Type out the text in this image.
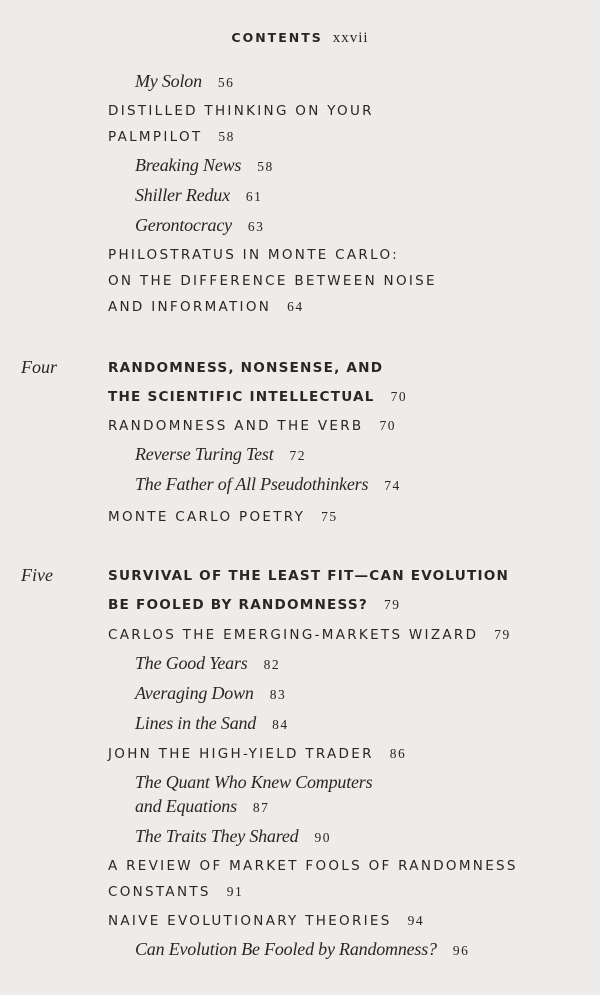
CONTENTS xxvii
My Solon 56
DISTILLED THINKING ON YOUR
PALMPILOT 58
Breaking News 58
Shiller Redux 61
Gerontocracy 63
PHILOSTRATUS IN MONTE CARLO:
ON THE DIFFERENCE BETWEEN NOISE
AND INFORMATION 64
Four	RANDOMNESS, NONSENSE, AND
THE SCIENTIFIC INTELLECTUAL 70
RANDOMNESS AND THE VERB 70
Reverse Turing Test 72
The Father of All Pseudothinkers 74
MONTE CARLO POETRY 75
Five	SURVIVAL OF THE LEAST FIT—CAN EVOLUTION
BE FOOLED BY RANDOMNESS? 79
CARLOS THE EMERGING-MARKETS WIZARD 79
The Good Years 82
Averaging Down 83
Lines in the Sand 84
JOHN THE HIGH-YIELD TRADER 86
The Quant Who Knew Computers
and Equations 87
The Traits They Shared 90
A REVIEW OF MARKET FOOLS OF RANDOMNESS
CONSTANTS 91
NAIVE EVOLUTIONARY THEORIES 94
Can Evolution Be Fooled by Randomness? 96
